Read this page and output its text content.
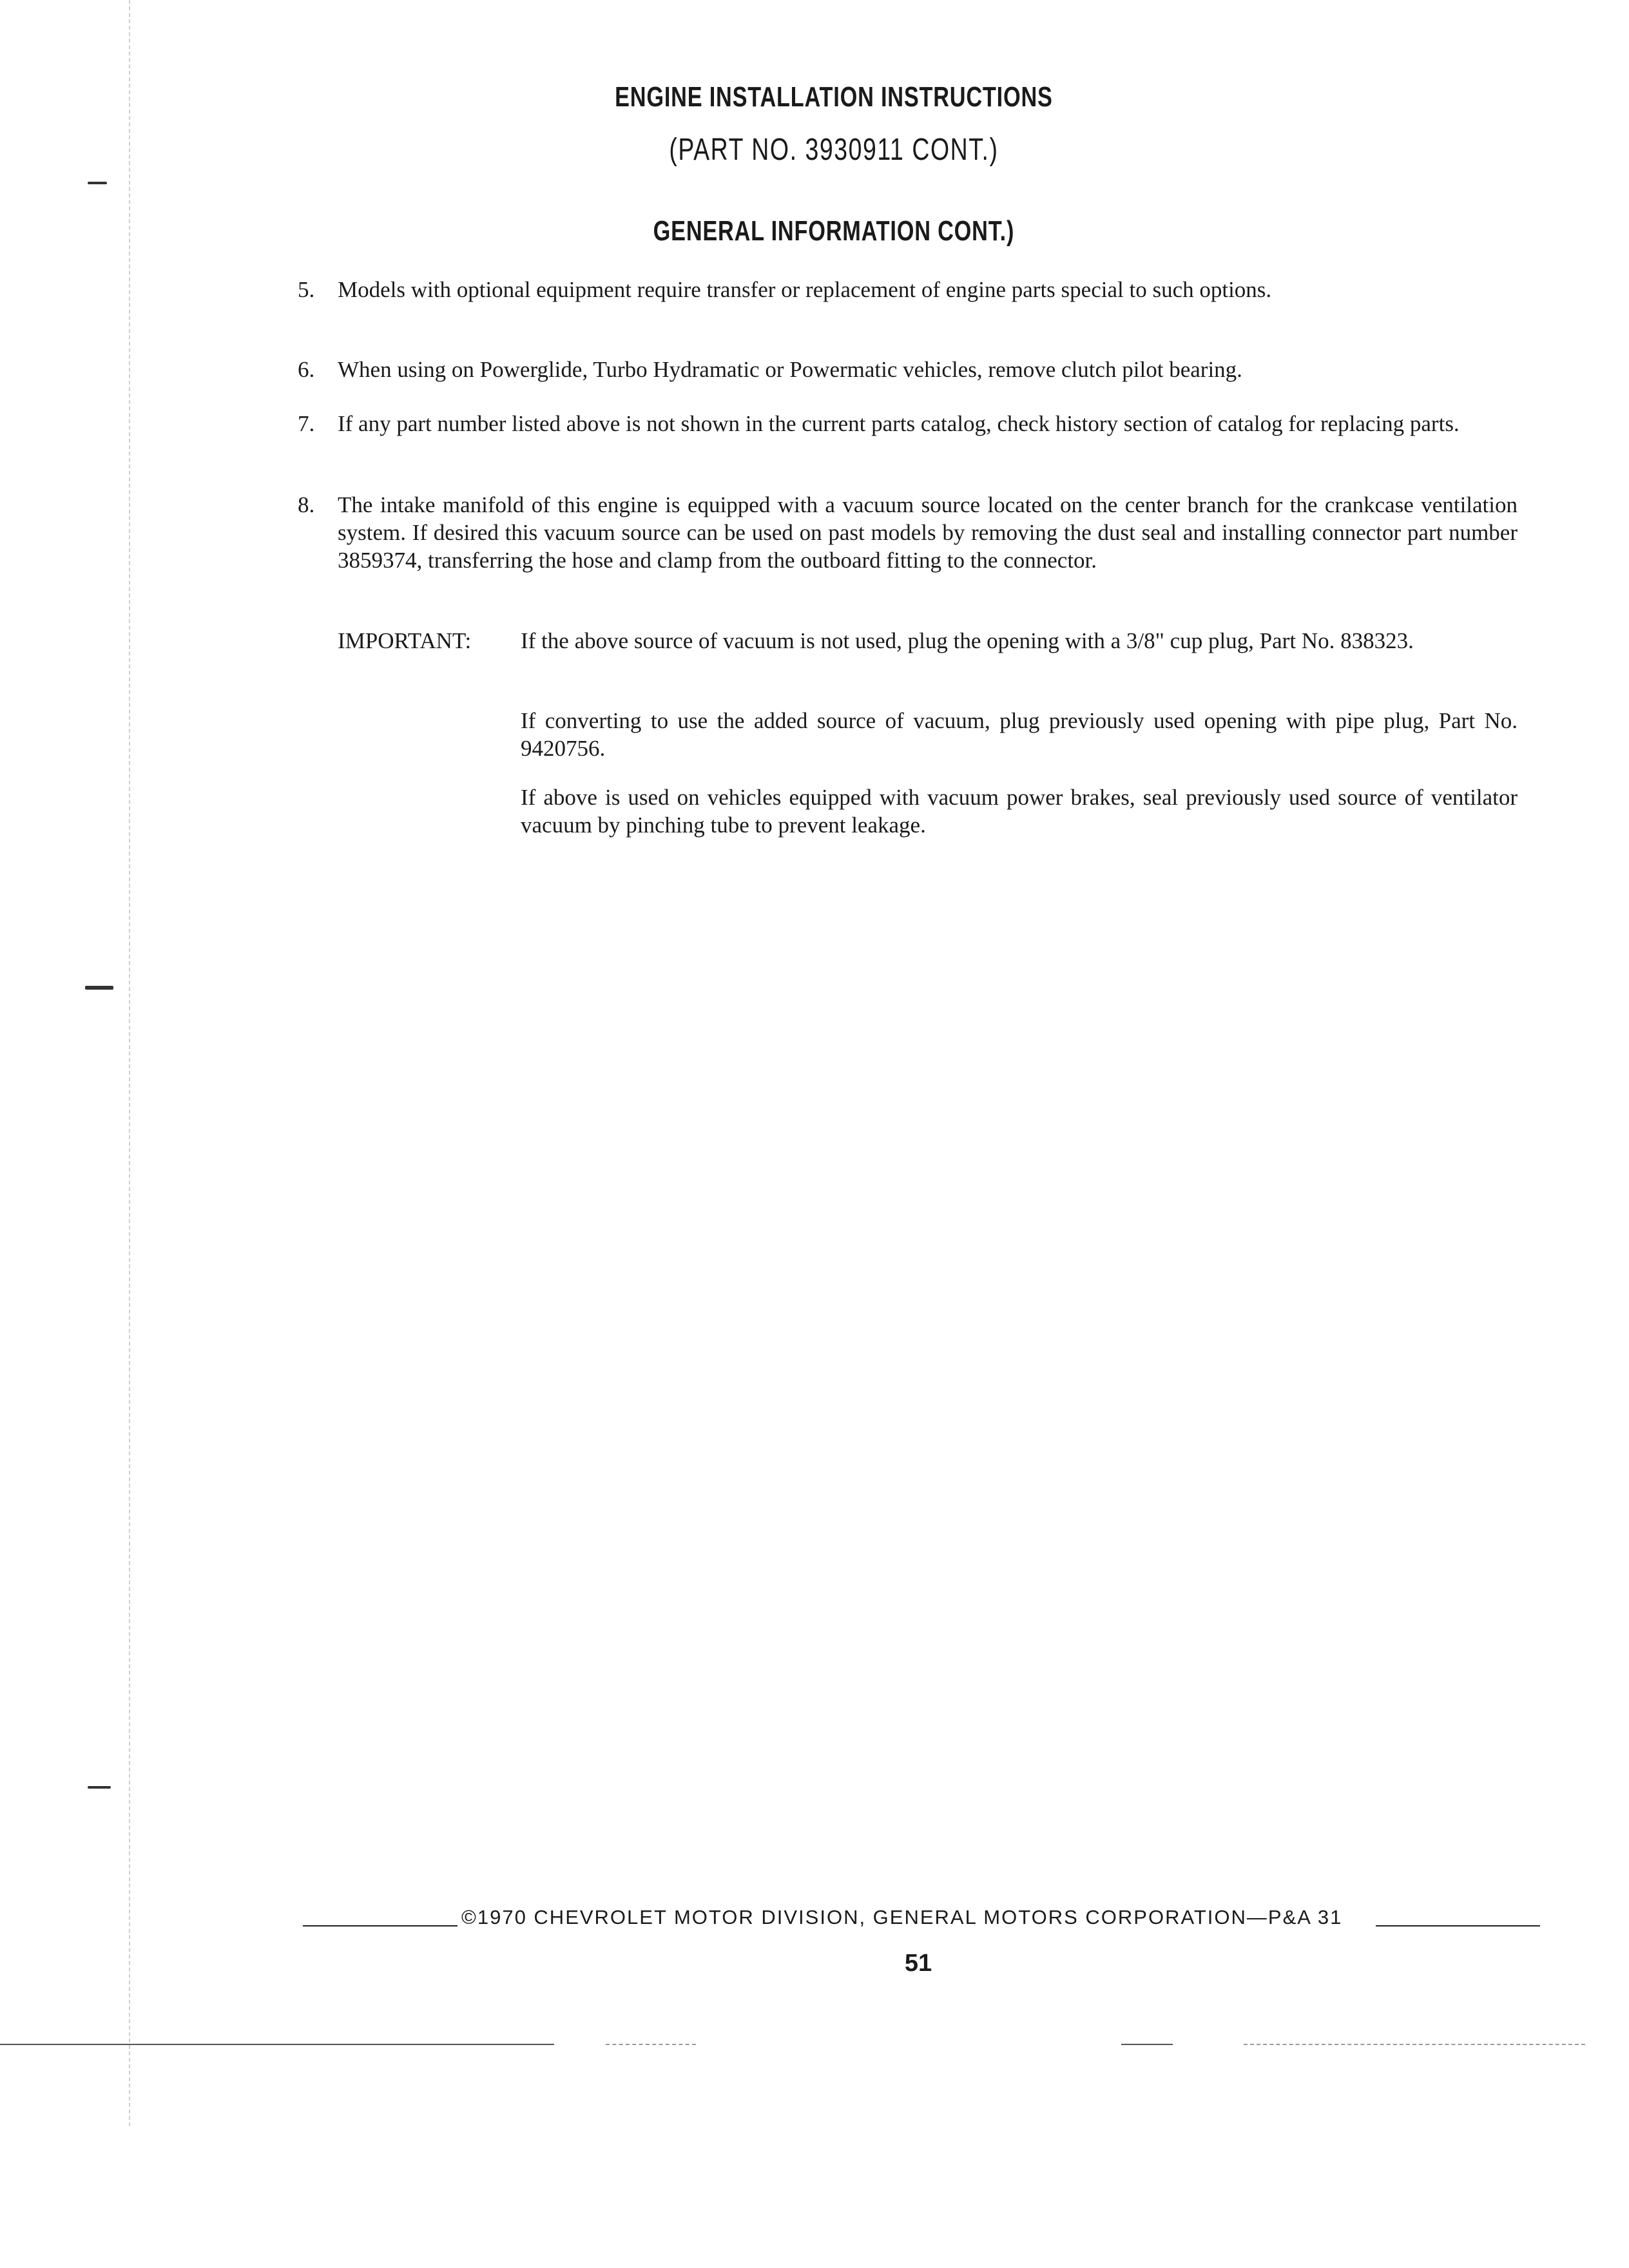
ENGINE INSTALLATION INSTRUCTIONS
(PART NO. 3930911 CONT.)
GENERAL INFORMATION CONT.)
5. Models with optional equipment require transfer or replacement of engine parts special to such options.
6. When using on Powerglide, Turbo Hydramatic or Powermatic vehicles, remove clutch pilot bearing.
7. If any part number listed above is not shown in the current parts catalog, check history section of catalog for replacing parts.
8. The intake manifold of this engine is equipped with a vacuum source located on the center branch for the crankcase ventilation system. If desired this vacuum source can be used on past models by removing the dust seal and installing connector part number 3859374, transferring the hose and clamp from the outboard fitting to the connector.
IMPORTANT: If the above source of vacuum is not used, plug the opening with a 3/8" cup plug, Part No. 838323.
If converting to use the added source of vacuum, plug previously used opening with pipe plug, Part No. 9420756.
If above is used on vehicles equipped with vacuum power brakes, seal previously used source of ventilator vacuum by pinching tube to prevent leakage.
©1970 CHEVROLET MOTOR DIVISION, GENERAL MOTORS CORPORATION—P&A 31
51
